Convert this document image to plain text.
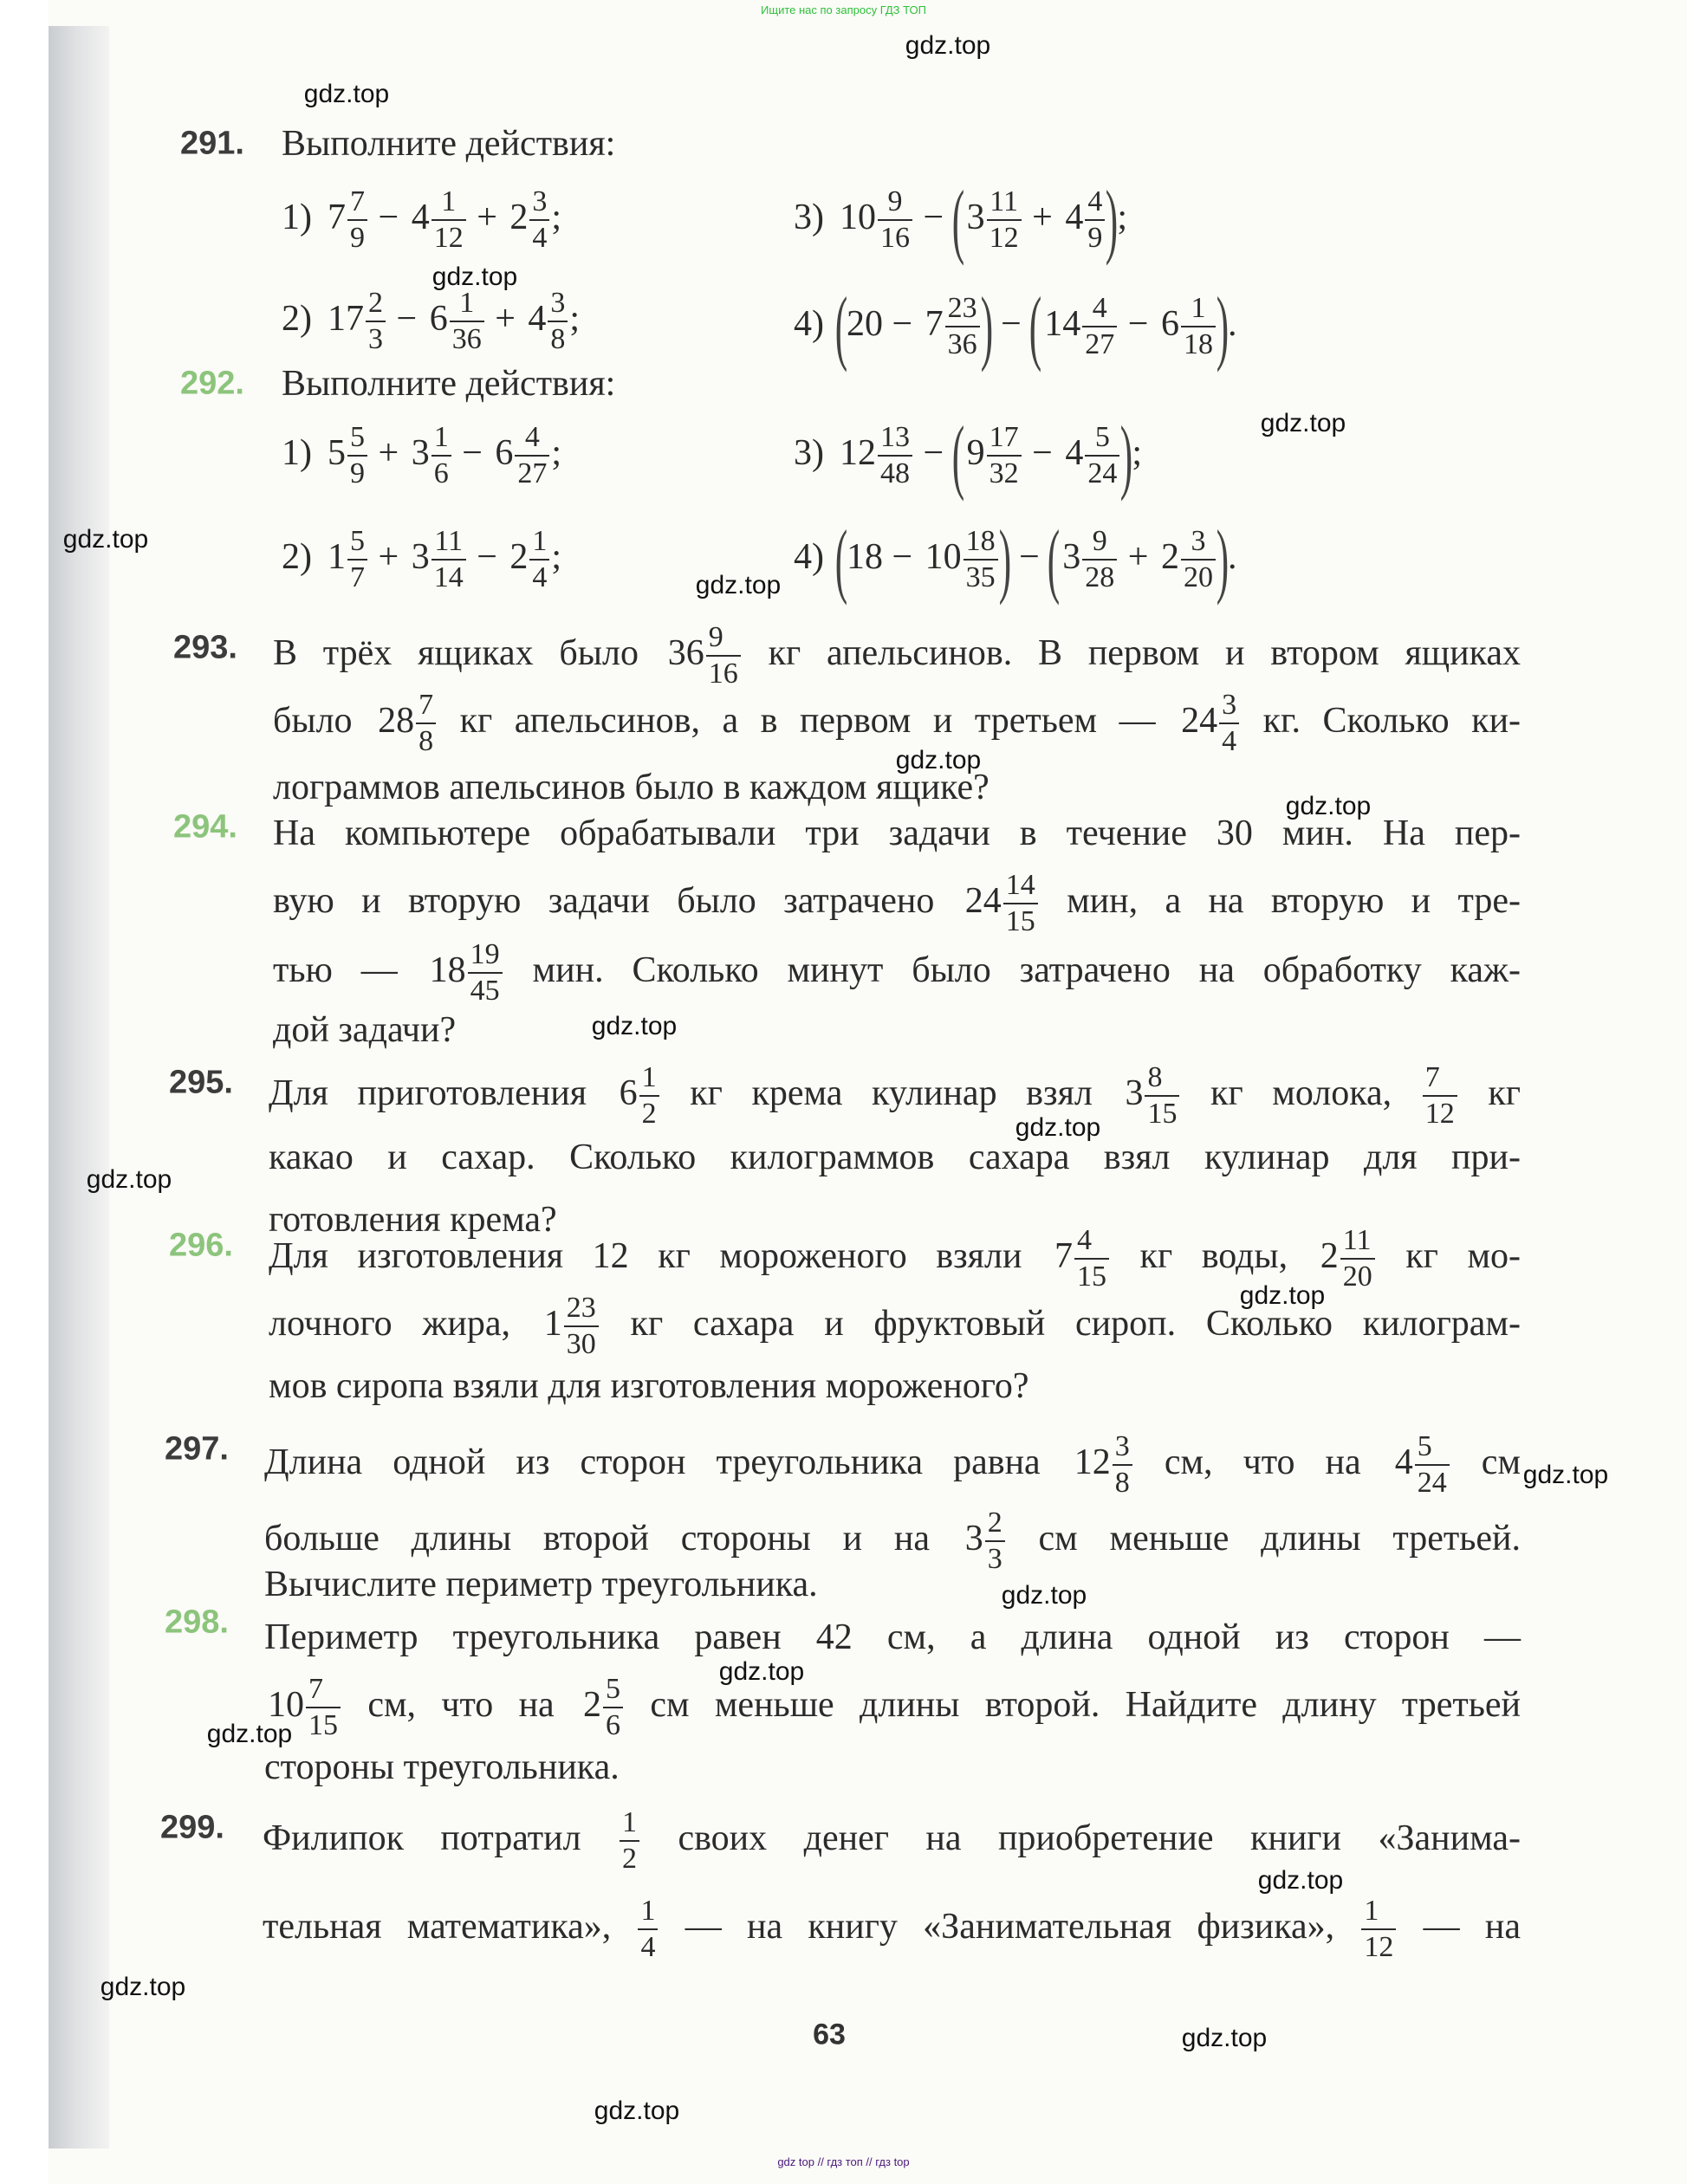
Ищите нас по запросу ГДЗ ТОП
gdz top // гдз топ // гдз top
291. Выполните действия:
1) $7 \frac{7}{9} - 4 \frac{1}{12} + 2 \frac{3}{4}$ ;	3) $10 \frac{9}{16} - (3 \frac{11}{12} + 4 \frac{4}{9}$ );
2) $17 \frac{2}{3} - 6 \frac{1}{36} + 4 \frac{3}{8}$ ;	4) ($20 - 7 \frac{23}{36}$ ) − ($14 \frac{4}{27} - 6 \frac{1}{18}$ ).
292. Выполните действия:
1) $5 \frac{5}{9} + 3 \frac{1}{6} - 6 \frac{4}{27}$ ;	3) $12 \frac{13}{48} - (9 \frac{17}{32} - 4 \frac{5}{24}$ );
2) $1 \frac{5}{7} + 3 \frac{11}{14} - 2 \frac{1}{4}$ ;	4) ($18 - 10 \frac{18}{35}$ ) − ($3 \frac{9}{28} + 2 \frac{3}{20}$ ).
293. В трёх ящиках было $36 \frac{9}{16}$ кг апельсинов. В первом и втором ящиках
было $28 \frac{7}{8}$ кг апельсинов, а в первом и третьем — $24 \frac{3}{4}$ кг. Сколько ки-
лограммов апельсинов было в каждом ящике?
294. На компьютере обрабатывали три задачи в течение 30 мин. На пер-
вую и вторую задачи было затрачено $24 \frac{14}{15}$ мин, а на вторую и тре-
тью — $18 \frac{19}{45}$ мин. Сколько минут было затрачено на обработку каж-
дой задачи?
295. Для приготовления $6 \frac{1}{2}$ кг крема кулинар взял $3 \frac{8}{15}$ кг молока, $\frac{7}{12}$ кг
какао и сахар. Сколько килограммов сахара взял кулинар для при-
готовления крема?
296. Для изготовления 12 кг мороженого взяли $7 \frac{4}{15}$ кг воды, $2 \frac{11}{20}$ кг мо-
лочного жира, $1 \frac{23}{30}$ кг сахара и фруктовый сироп. Сколько килограм-
мов сиропа взяли для изготовления мороженого?
297. Длина одной из сторон треугольника равна $12 \frac{3}{8}$ см, что на $4 \frac{5}{24}$ см
больше длины второй стороны и на $3 \frac{2}{3}$ см меньше длины третьей.
Вычислите периметр треугольника.
298. Периметр треугольника равен 42 см, а длина одной из сторон —
$10 \frac{7}{15}$ см, что на $2 \frac{5}{6}$ см меньше длины второй. Найдите длину третьей
стороны треугольника.
299. Филипок потратил $\frac{1}{2}$ своих денег на приобретение книги «Занима-
тельная математика», $\frac{1}{4}$ — на книгу «Занимательная физика», $\frac{1}{12}$ — на
63
gdz.top
gdz.top
gdz.top
gdz.top
gdz.top
gdz.top
gdz.top
gdz.top
gdz.top
gdz.top
gdz.top
gdz.top
gdz.top
gdz.top
gdz.top
gdz.top
gdz.top
gdz.top
gdz.top
gdz.top
